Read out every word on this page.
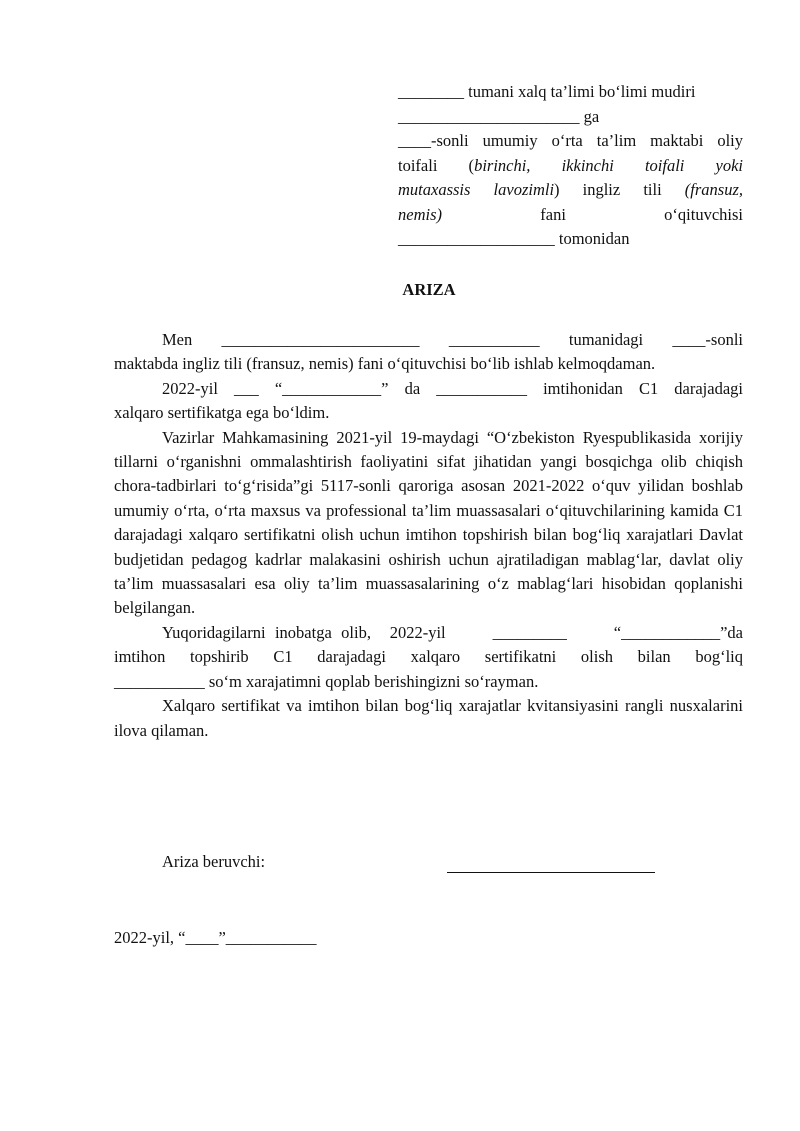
________ tumani xalq ta’limi bo‘limi mudiri
______________________ ga
____-sonli umumiy o‘rta ta’lim maktabi oliy
toifali (birinchi, ikkinchi toifali yoki
mutaxassis lavozimli) ingliz tili (fransuz,
nemis) fani o‘qituvchisi
___________________ tomonidan
ARIZA

Men ________________________ ___________ tumanidagi ____-sonli
maktabda ingliz tili (fransuz, nemis) fani o‘qituvchisi bo‘lib ishlab kelmoqdaman.

2022-yil ___ “____________” da ___________ imtihonidan C1 darajadagi
xalqaro sertifikatga ega bo‘ldim.

Vazirlar Mahkamasining 2021-yil 19-maydagi “O‘zbekiston Ryespublikasida xorijiy tillarni o‘rganishni ommalashtirish faoliyatini sifat jihatidan yangi bosqichga olib chiqish chora-tadbirlari to‘g‘risida”gi 5117-sonli qaroriga asosan 2021-2022 o‘quv yilidan boshlab umumiy o‘rta, o‘rta maxsus va professional ta’lim muassasalari o‘qituvchilarining kamida C1 darajadagi xalqaro sertifikatni olish uchun imtihon topshirish bilan bog‘liq xarajatlari Davlat budjetidan pedagog kadrlar malakasini oshirish uchun ajratiladigan mablag‘lar, davlat oliy ta’lim muassasalari esa oliy ta’lim muassasalarining o‘z mablag‘lari hisobidan qoplanishi belgilangan.

Yuqoridagilarni inobatga olib,  2022-yil     _________     “____________”da
imtihon topshirib C1 darajadagi xalqaro sertifikatni olish bilan bog‘liq
___________ so‘m xarajatimni qoplab berishingizni so‘rayman.

Xalqaro sertifikat va imtihon bilan bog‘liq xarajatlar kvitansiyasini rangli nusxalarini ilova qilaman.

Ariza beruvchi:
2022-yil, “____”___________
